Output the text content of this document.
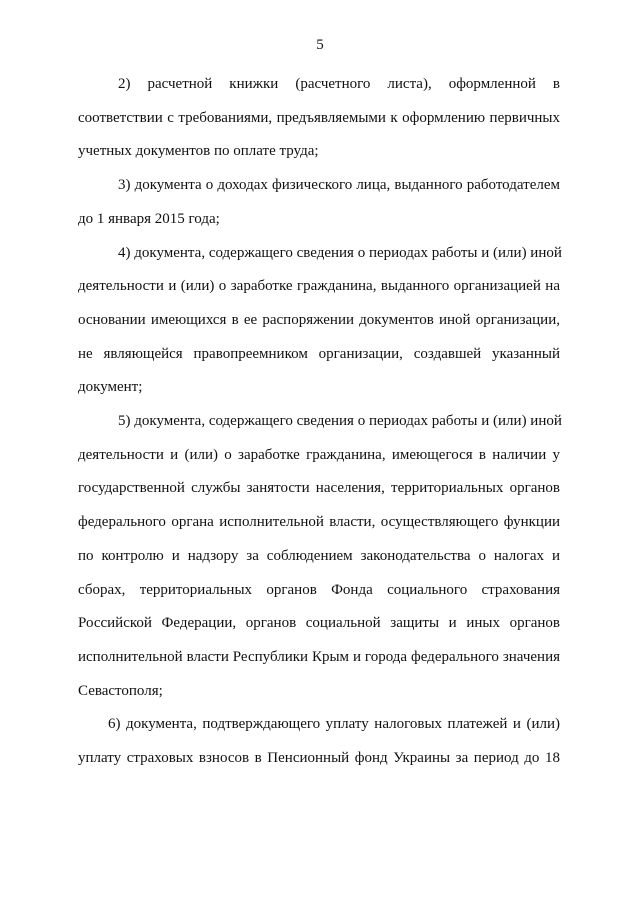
5

2) расчетной книжки (расчетного листа), оформленной в
соответствии с требованиями, предъявляемыми к оформлению первичных
учетных документов по оплате труда;

3) документа о доходах физического лица, выданного работодателем
до 1 января 2015 года;

4) документа, содержащего сведения о периодах работы и (или) иной
деятельности и (или) о заработке гражданина, выданного организацией на
основании имеющихся в ее распоряжении документов иной организации,
не являющейся правопреемником организации, создавшей указанный
документ;

5) документа, содержащего сведения о периодах работы и (или) иной
деятельности и (или) о заработке гражданина, имеющегося в наличии у
государственной службы занятости населения, территориальных органов
федерального органа исполнительной власти, осуществляющего функции
по контролю и надзору за соблюдением законодательства о налогах и
сборах, территориальных органов Фонда социального страхования
Российской Федерации, органов социальной защиты и иных органов
исполнительной власти Республики Крым и города федерального значения
Севастополя;

6) документа, подтверждающего уплату налоговых платежей и (или)
уплату страховых взносов в Пенсионный фонд Украины за период до 18
